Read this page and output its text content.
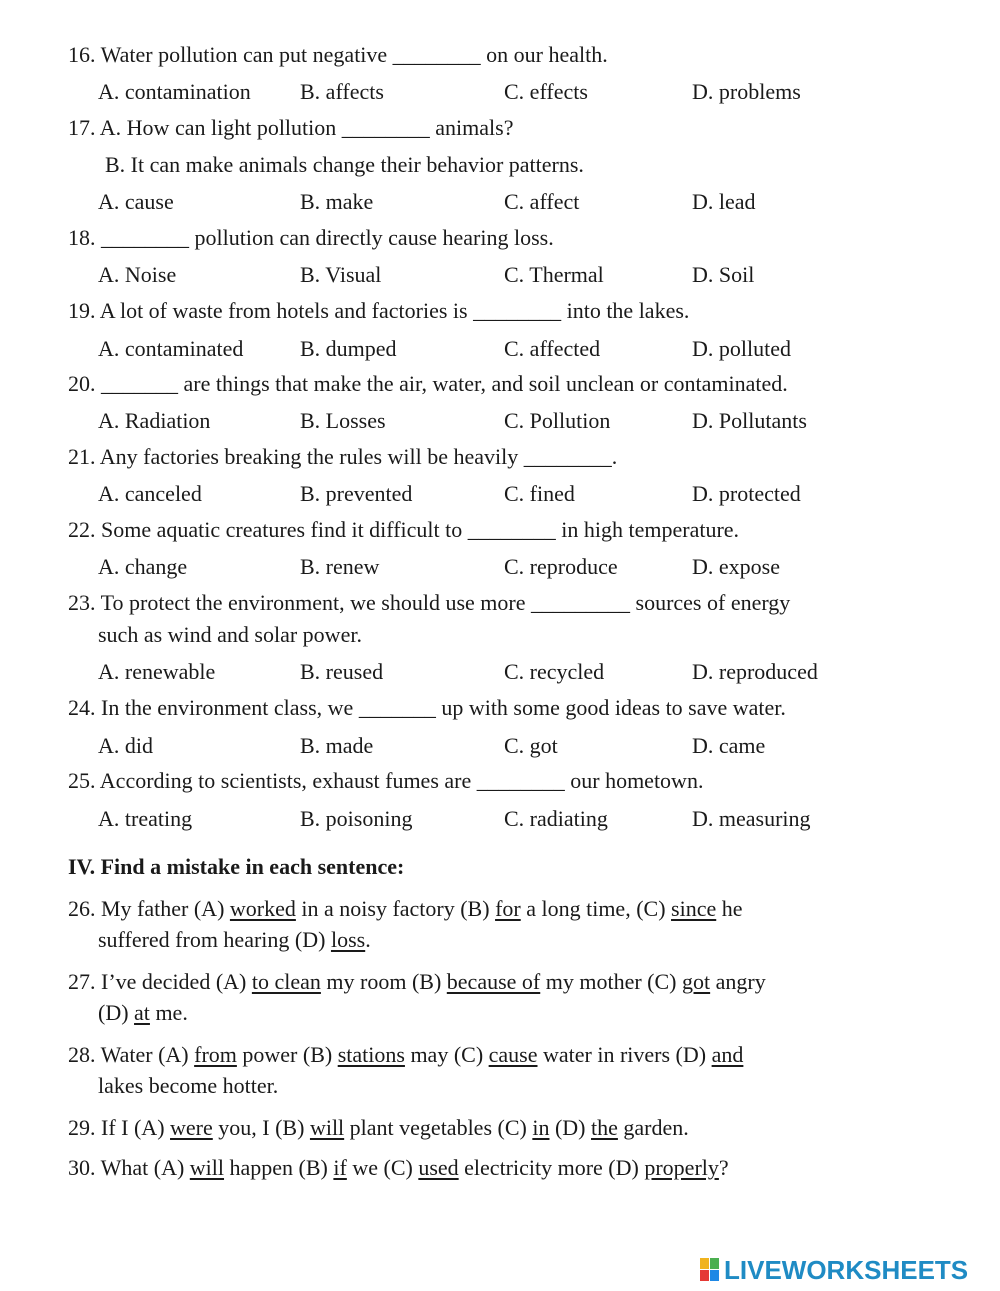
16. Water pollution can put negative ________ on our health.
A. contamination B. affects	C. effects	D. problems
17. A. How can light pollution ________ animals?
B. It can make animals change their behavior patterns.
A. cause	B. make	C. affect	D. lead
18. ________ pollution can directly cause hearing loss.
A. Noise	B. Visual	C. Thermal	D. Soil
19. A lot of waste from hotels and factories is ________ into the lakes.
A. contaminated	B. dumped	C. affected	D. polluted
20. _______ are things that make the air, water, and soil unclean or contaminated.
A. Radiation	B. Losses	C. Pollution	D. Pollutants
21. Any factories breaking the rules will be heavily ________.
A. canceled	B. prevented	C. fined	D. protected
22. Some aquatic creatures find it difficult to ________ in high temperature.
A. change	B. renew	C. reproduce	D. expose
23. To protect the environment, we should use more _________ sources of energy
such as wind and solar power.
A. renewable	B. reused	C. recycled	D. reproduced
24. In the environment class, we _______ up with some good ideas to save water.
A. did	B. made	C. got	D. came
25. According to scientists, exhaust fumes are ________ our hometown.
A. treating	B. poisoning	C. radiating	D. measuring
IV. Find a mistake in each sentence:
26. My father (A) worked in a noisy factory (B) for a long time, (C) since he
suffered from hearing (D) loss.
27. I’ve decided (A) to clean my room (B) because of my mother (C) got angry
(D) at me.
28. Water (A) from power (B) stations may (C) cause water in rivers (D) and
lakes become hotter.
29. If I (A) were you, I (B) will plant vegetables (C) in (D) the garden.
30. What (A) will happen (B) if we (C) used electricity more (D) properly?
LIVEWORKSHEETS
